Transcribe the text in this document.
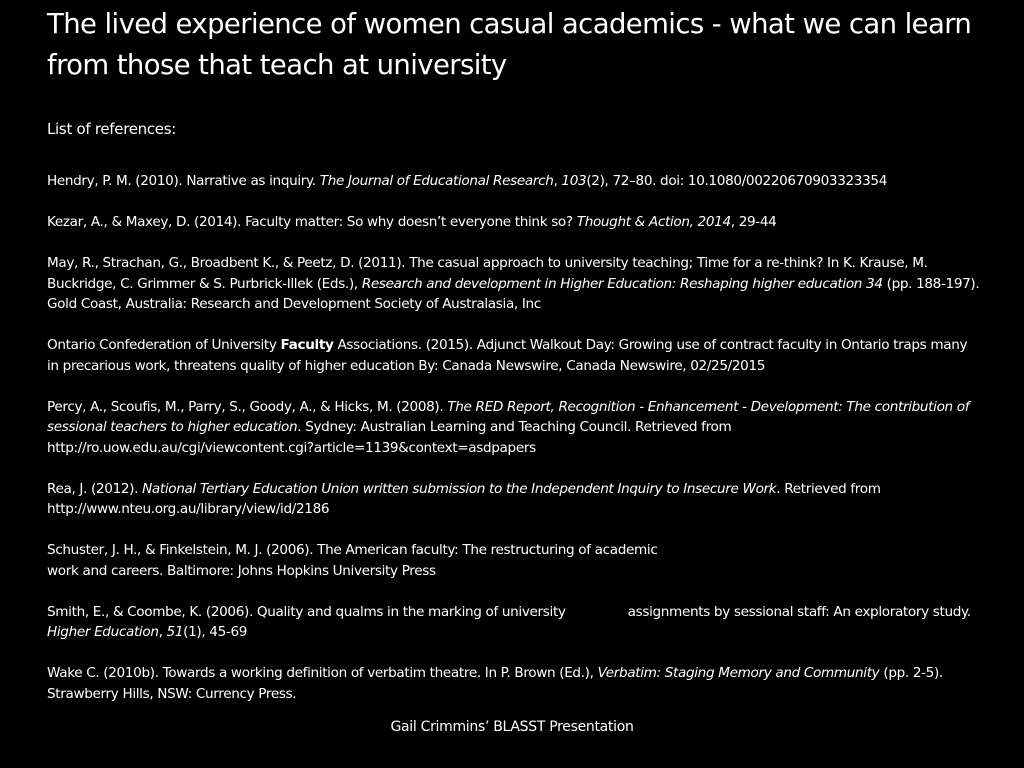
The lived experience of women casual academics - what we can learn from those that teach at university
List of references:
Hendry, P. M. (2010). Narrative as inquiry. The Journal of Educational Research, 103(2), 72–80. doi: 10.1080/00220670903323354
Kezar, A., & Maxey, D. (2014). Faculty matter: So why doesn’t everyone think so? Thought & Action, 2014, 29-44
May, R., Strachan, G., Broadbent K., & Peetz, D. (2011). The casual approach to university teaching; Time for a re-think? In K. Krause, M. Buckridge, C. Grimmer & S. Purbrick-Illek (Eds.), Research and development in Higher Education: Reshaping higher education 34 (pp. 188-197). Gold Coast, Australia: Research and Development Society of Australasia, Inc
Ontario Confederation of University Faculty Associations. (2015). Adjunct Walkout Day: Growing use of contract faculty in Ontario traps many in precarious work, threatens quality of higher education By: Canada Newswire, Canada Newswire, 02/25/2015
Percy, A., Scoufis, M., Parry, S., Goody, A., & Hicks, M. (2008). The RED Report, Recognition - Enhancement - Development: The contribution of sessional teachers to higher education. Sydney: Australian Learning and Teaching Council. Retrieved from http://ro.uow.edu.au/cgi/viewcontent.cgi?article=1139&context=asdpapers
Rea, J. (2012). National Tertiary Education Union written submission to the Independent Inquiry to Insecure Work. Retrieved from http://www.nteu.org.au/library/view/id/2186
Schuster, J. H., & Finkelstein, M. J. (2006). The American faculty: The restructuring of academic
work and careers. Baltimore: Johns Hopkins University Press
Smith, E., & Coombe, K. (2006). Quality and qualms in the marking of university	assignments by sessional staff: An exploratory study. Higher Education, 51(1), 45-69
Wake C. (2010b). Towards a working definition of verbatim theatre. In P. Brown (Ed.), Verbatim: Staging Memory and Community (pp. 2-5). Strawberry Hills, NSW: Currency Press.
Gail Crimmins’ BLASST Presentation
